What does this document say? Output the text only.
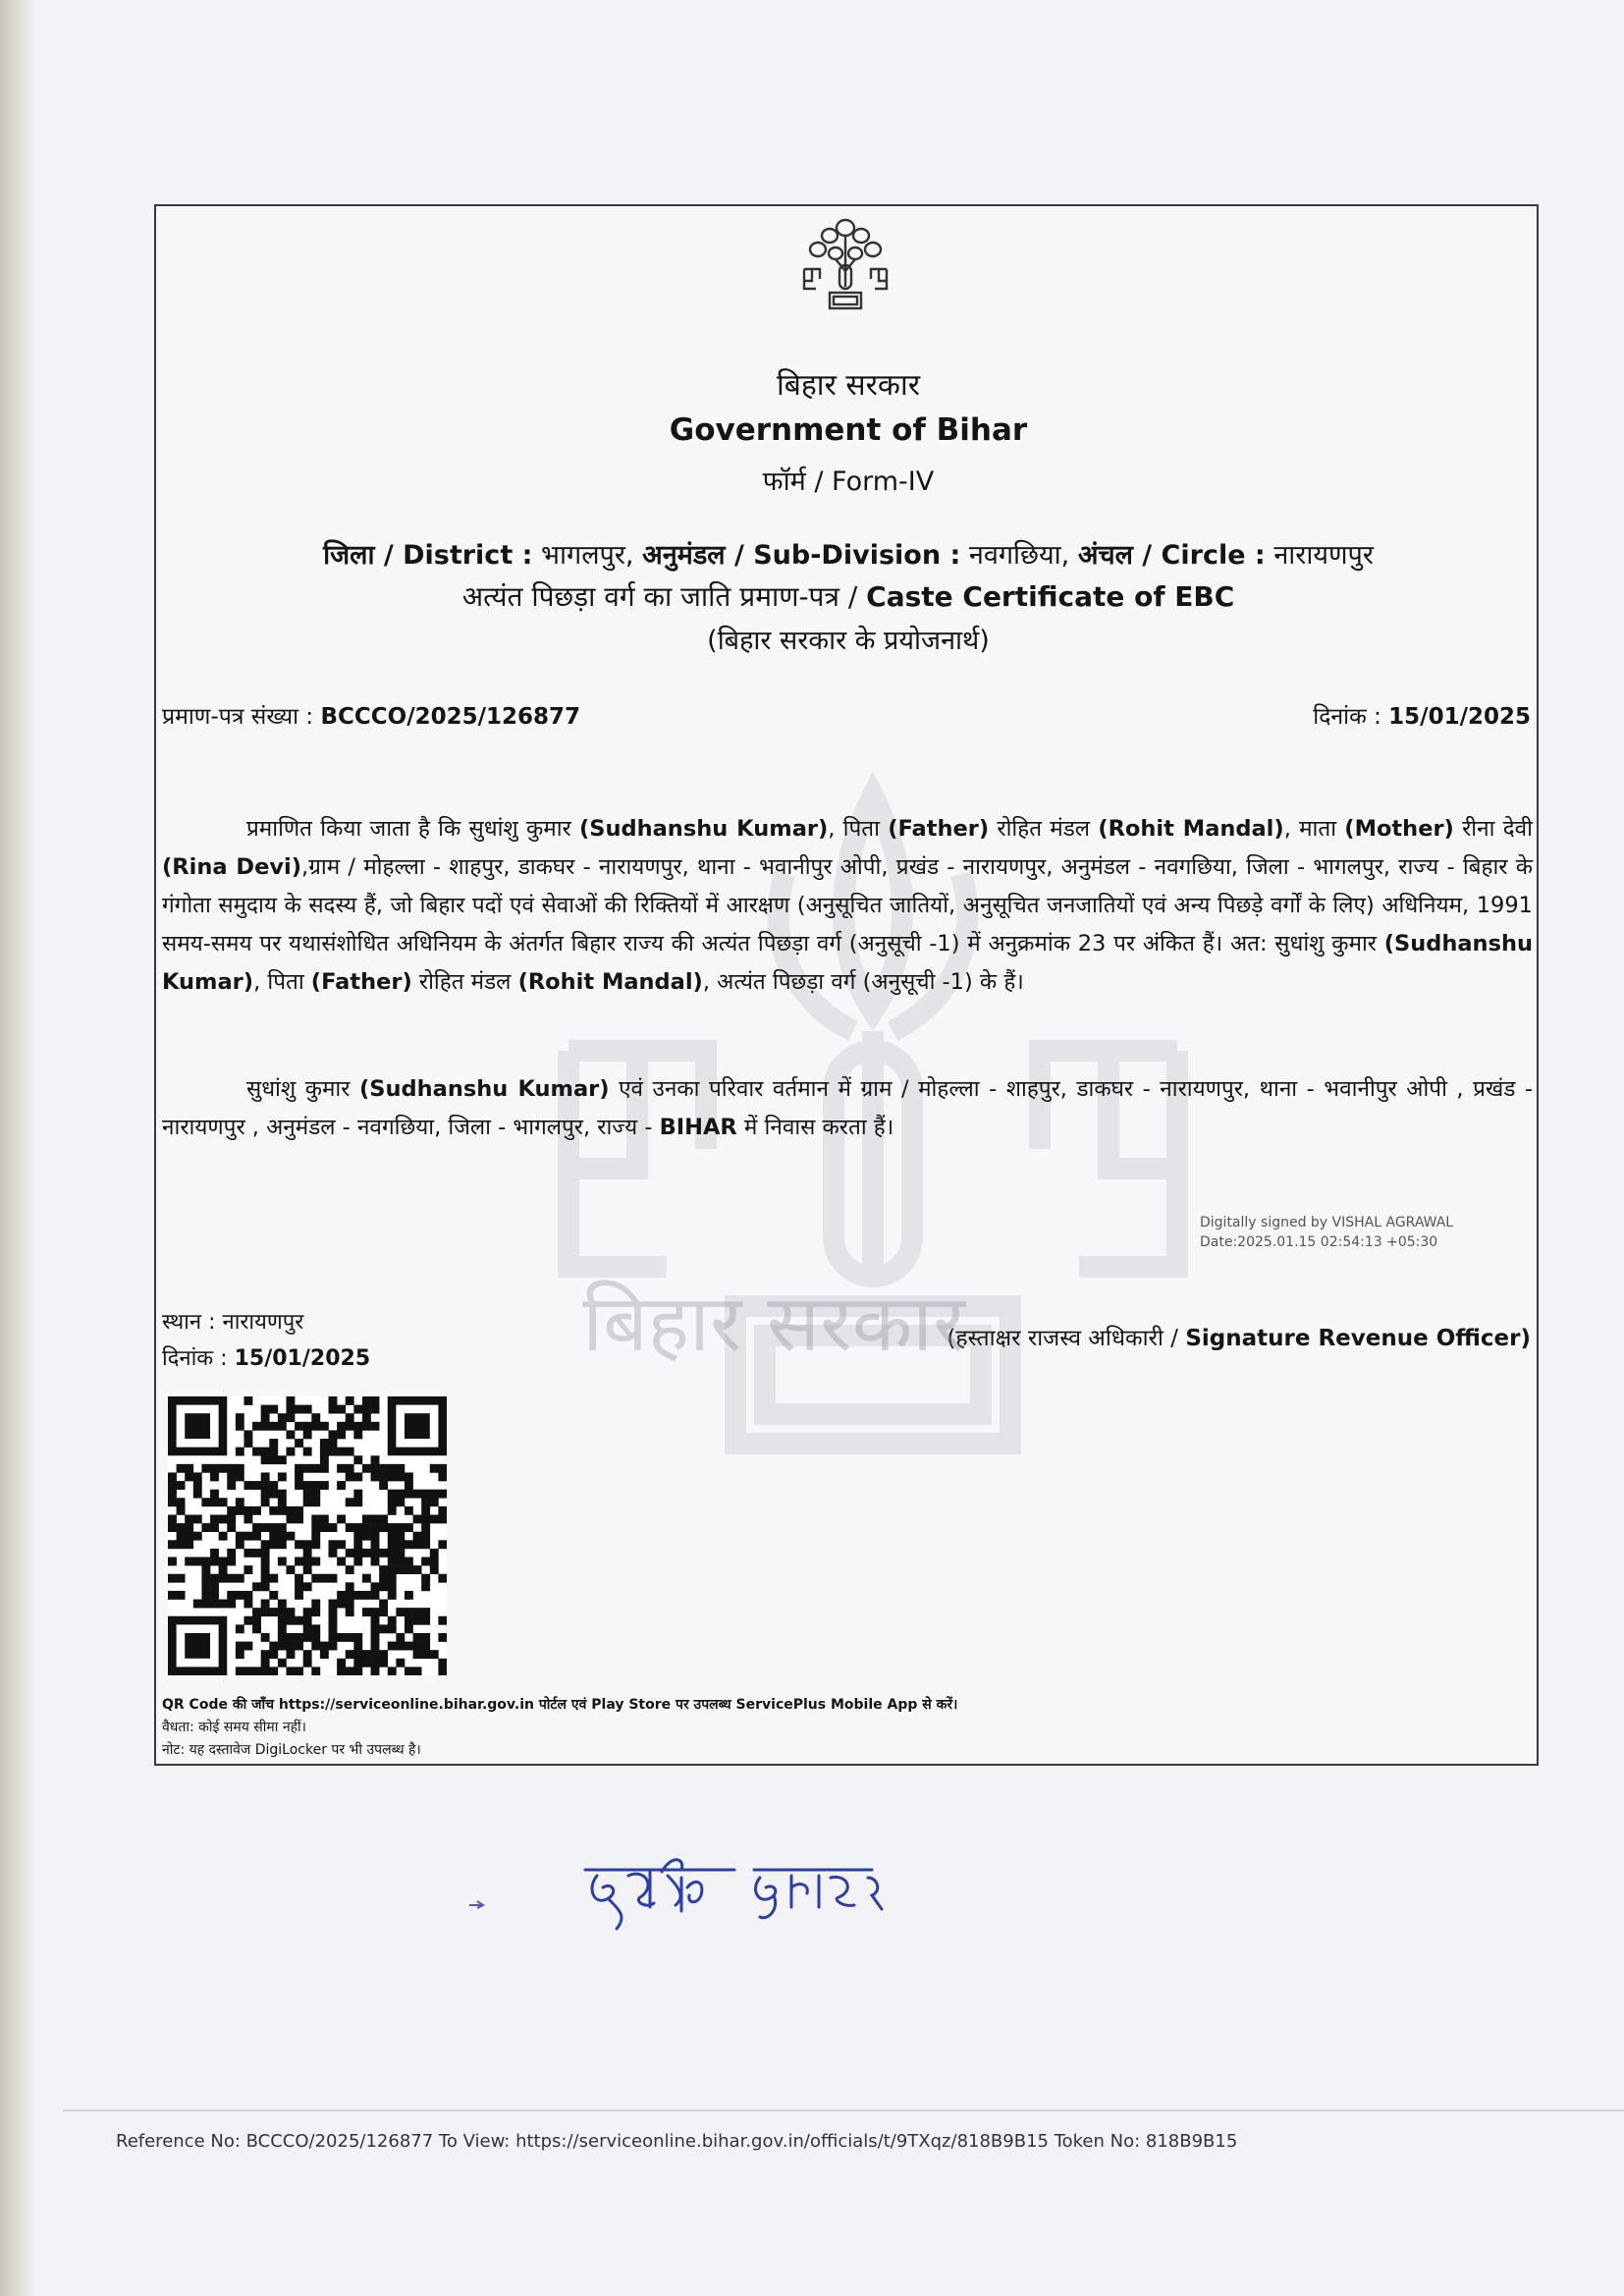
बिहार सरकार
Government of Bihar
फॉर्म / Form-IV
जिला / District : भागलपुर, अनुमंडल / Sub-Division : नवगछिया, अंचल / Circle : नारायणपुर
अत्यंत पिछड़ा वर्ग का जाति प्रमाण-पत्र / Caste Certificate of EBC
(बिहार सरकार के प्रयोजनार्थ)
प्रमाण-पत्र संख्या : BCCCO/2025/126877	दिनांक : 15/01/2025

प्रमाणित किया जाता है कि सुधांशु कुमार (Sudhanshu Kumar), पिता (Father) रोहित मंडल (Rohit Mandal), माता (Mother) रीना देवी (Rina Devi),ग्राम / मोहल्ला - शाहपुर, डाकघर - नारायणपुर, थाना - भवानीपुर ओपी, प्रखंड - नारायणपुर, अनुमंडल - नवगछिया, जिला - भागलपुर, राज्य - बिहार के गंगोता समुदाय के सदस्य हैं, जो बिहार पदों एवं सेवाओं की रिक्तियों में आरक्षण (अनुसूचित जातियों, अनुसूचित जनजातियों एवं अन्य पिछड़े वर्गों के लिए) अधिनियम, 1991 समय-समय पर यथासंशोधित अधिनियम के अंतर्गत बिहार राज्य की अत्यंत पिछड़ा वर्ग (अनुसूची -1) में अनुक्रमांक 23 पर अंकित हैं। अत: सुधांशु कुमार (Sudhanshu Kumar), पिता (Father) रोहित मंडल (Rohit Mandal), अत्यंत पिछड़ा वर्ग (अनुसूची -1) के हैं।

सुधांशु कुमार (Sudhanshu Kumar) एवं उनका परिवार वर्तमान में ग्राम / मोहल्ला - शाहपुर, डाकघर - नारायणपुर, थाना - भवानीपुर ओपी , प्रखंड - नारायणपुर , अनुमंडल - नवगछिया, जिला - भागलपुर, राज्य - BIHAR में निवास करता हैं।

Digitally signed by VISHAL AGRAWAL
Date:2025.01.15 02:54:13 +05:30
स्थान : नारायणपुर
दिनांक : 15/01/2025
(हस्ताक्षर राजस्व अधिकारी / Signature Revenue Officer)
QR Code की जाँच https://serviceonline.bihar.gov.in पोर्टल एवं Play Store पर उपलब्ध ServicePlus Mobile App से करें।
वैधता: कोई समय सीमा नहीं।
नोट: यह दस्तावेज DigiLocker पर भी उपलब्ध है।
बिहार सरकार
Reference No: BCCCO/2025/126877 To View: https://serviceonline.bihar.gov.in/officials/t/9TXqz/818B9B15 Token No: 818B9B15
